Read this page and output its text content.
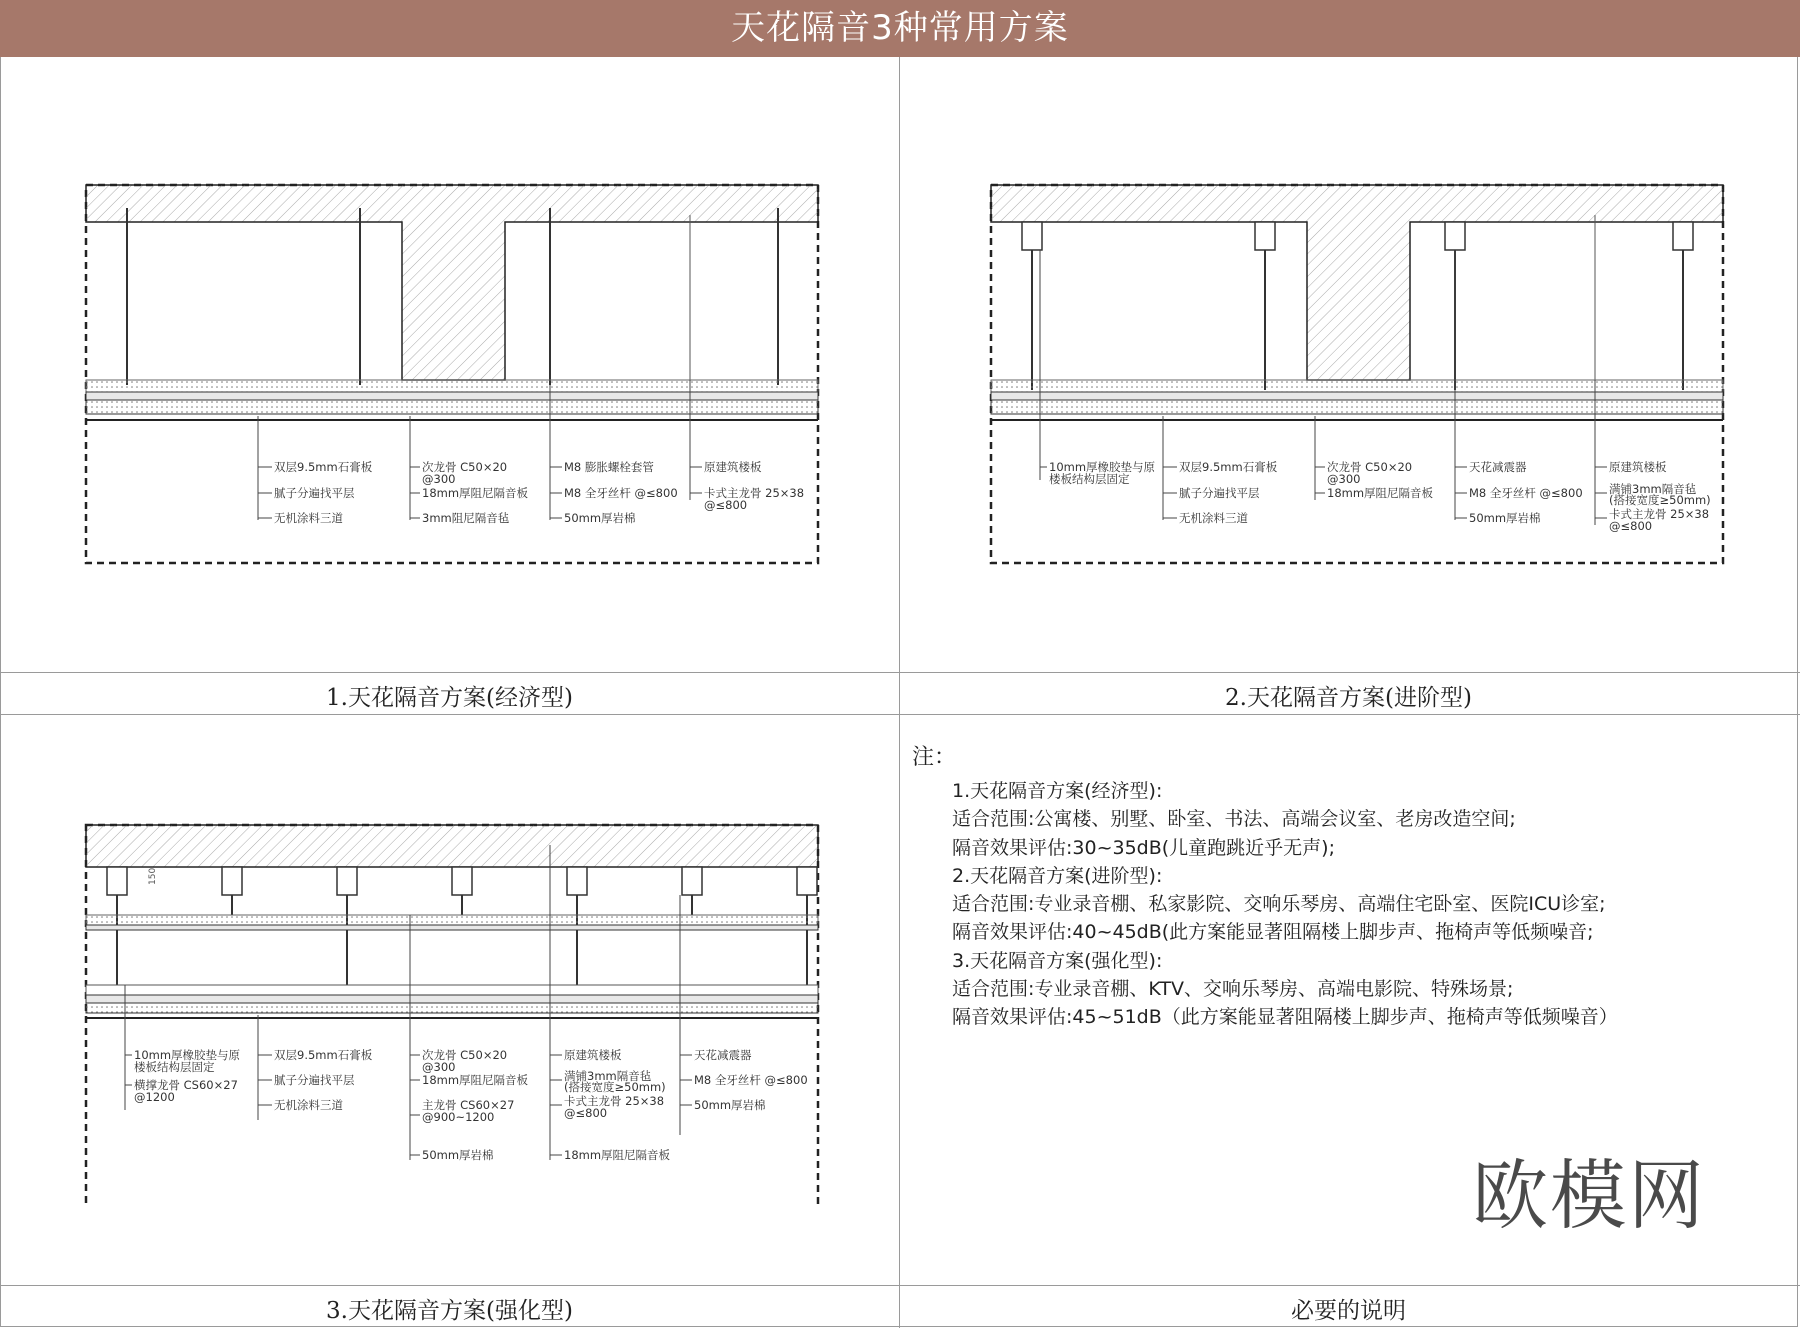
天花隔音3种常用方案
双层9.5mm石膏板
腻子分遍找平层
无机涂料三道
次龙骨 C50×20
@300
18mm厚阻尼隔音板
3mm阻尼隔音毡
M8 膨胀螺栓套管
M8 全牙丝杆 @≤800
50mm厚岩棉
原建筑楼板
卡式主龙骨 25×38
@≤800
1.天花隔音方案(经济型)
10mm厚橡胶垫与原
楼板结构层固定
双层9.5mm石膏板
腻子分遍找平层
无机涂料三道
次龙骨 C50×20
@300
18mm厚阻尼隔音板
天花减震器
M8 全牙丝杆 @≤800
50mm厚岩棉
原建筑楼板
满铺3mm隔音毡
(搭接宽度≥50mm)
卡式主龙骨 25×38
@≤800
2.天花隔音方案(进阶型)
150
10mm厚橡胶垫与原
楼板结构层固定
横撑龙骨 CS60×27
@1200
双层9.5mm石膏板
腻子分遍找平层
无机涂料三道
次龙骨 C50×20
@300
18mm厚阻尼隔音板
主龙骨 CS60×27
@900~1200
50mm厚岩棉
原建筑楼板
满铺3mm隔音毡
(搭接宽度≥50mm)
卡式主龙骨 25×38
@≤800
18mm厚阻尼隔音板
天花减震器
M8 全牙丝杆 @≤800
50mm厚岩棉
3.天花隔音方案(强化型)
注：
1.天花隔音方案(经济型):
适合范围:公寓楼、别墅、卧室、书法、高端会议室、老房改造空间;
隔音效果评估:30~35dB(儿童跑跳近乎无声);
2.天花隔音方案(进阶型):
适合范围:专业录音棚、私家影院、交响乐琴房、高端住宅卧室、医院ICU诊室;
隔音效果评估:40~45dB(此方案能显著阻隔楼上脚步声、拖椅声等低频噪音;
3.天花隔音方案(强化型):
适合范围:专业录音棚、KTV、交响乐琴房、高端电影院、特殊场景;
隔音效果评估:45~51dB（此方案能显著阻隔楼上脚步声、拖椅声等低频噪音）
欧模网
必要的说明
